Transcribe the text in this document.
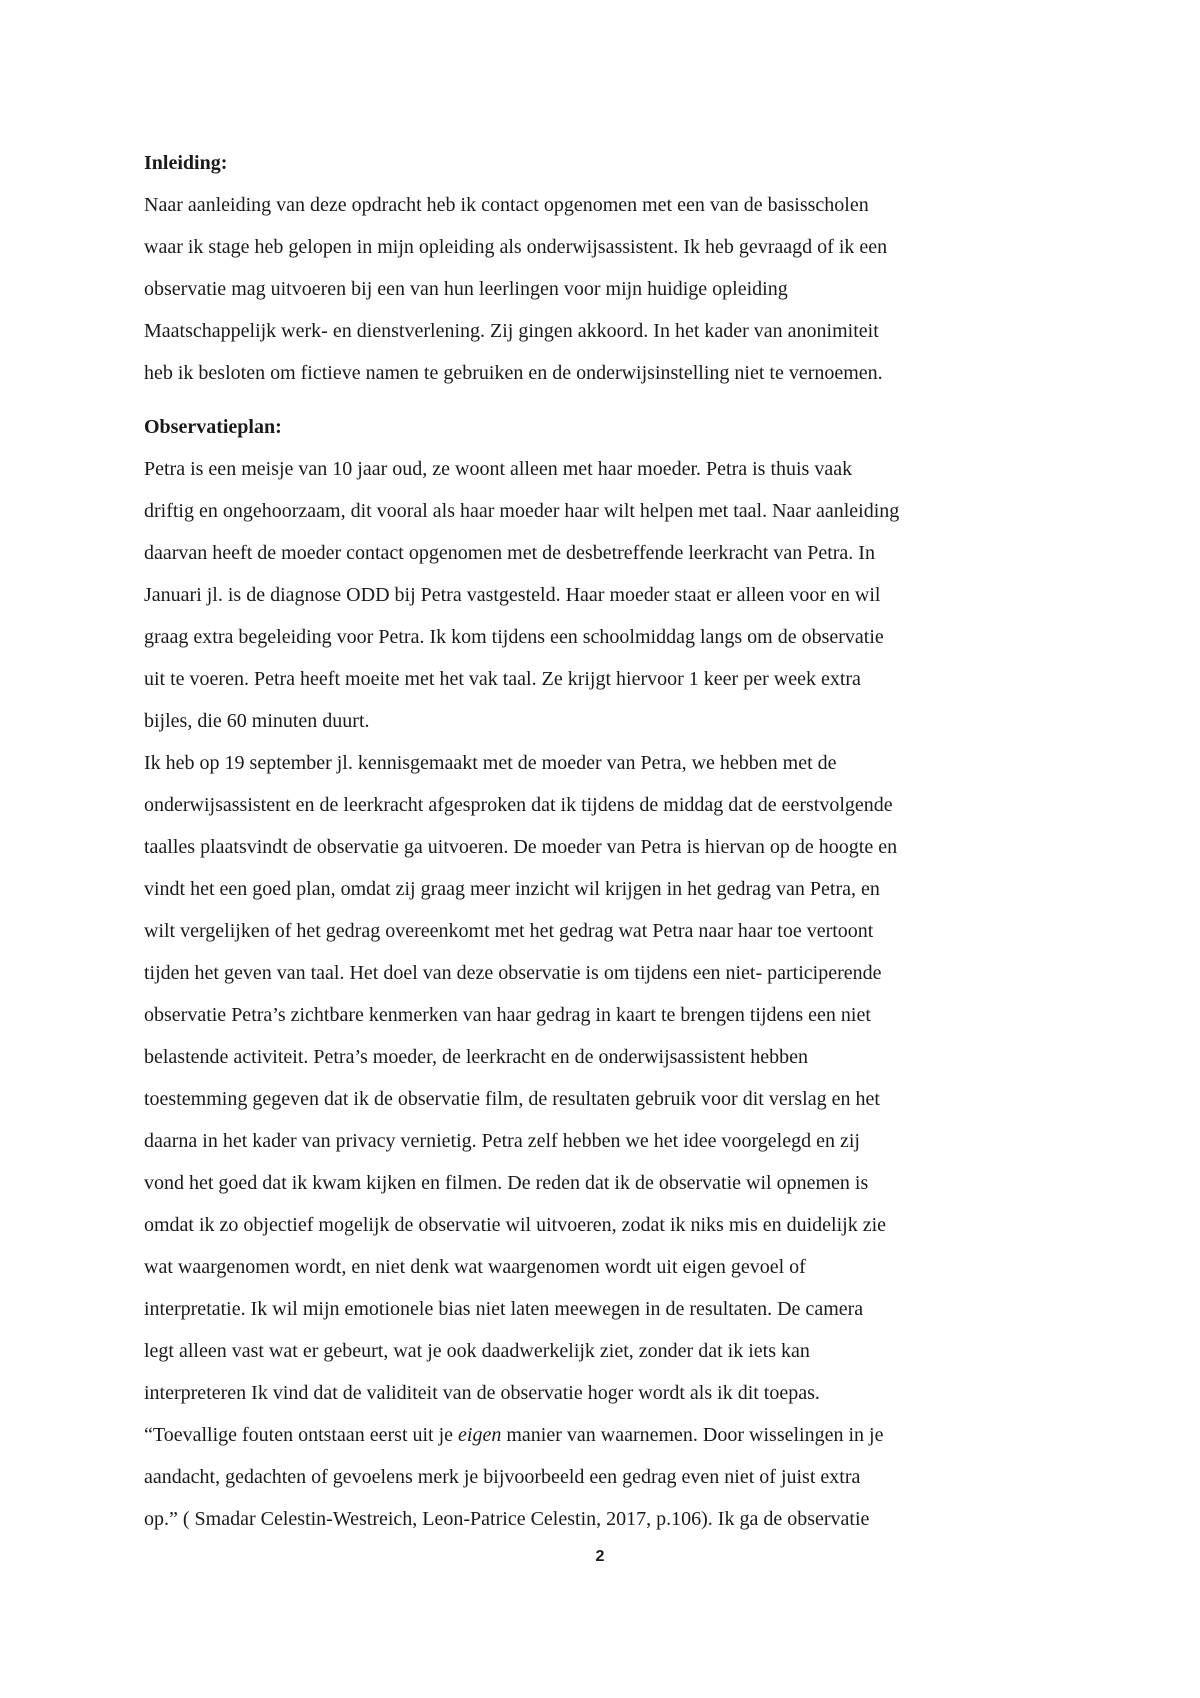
Inleiding:

Naar aanleiding van deze opdracht heb ik contact opgenomen met een van de basisscholen

waar ik stage heb gelopen in mijn opleiding als onderwijsassistent. Ik heb gevraagd of ik een

observatie mag uitvoeren bij een van hun leerlingen voor mijn huidige opleiding

Maatschappelijk werk- en dienstverlening. Zij gingen akkoord. In het kader van anonimiteit

heb ik besloten om fictieve namen te gebruiken en de onderwijsinstelling niet te vernoemen.

Observatieplan:

Petra is een meisje van 10 jaar oud, ze woont alleen met haar moeder. Petra is thuis vaak

driftig en ongehoorzaam, dit vooral als haar moeder haar wilt helpen met taal. Naar aanleiding

daarvan heeft de moeder contact opgenomen met de desbetreffende leerkracht van Petra. In

Januari jl. is de diagnose ODD bij Petra vastgesteld. Haar moeder staat er alleen voor en wil

graag extra begeleiding voor Petra. Ik kom tijdens een schoolmiddag langs om de observatie

uit te voeren. Petra heeft moeite met het vak taal. Ze krijgt hiervoor 1 keer per week extra

bijles, die 60 minuten duurt.

Ik heb op 19 september jl. kennisgemaakt met de moeder van Petra, we hebben met de

onderwijsassistent en de leerkracht afgesproken dat ik tijdens de middag dat de eerstvolgende

taalles plaatsvindt de observatie ga uitvoeren. De moeder van Petra is hiervan op de hoogte en

vindt het een goed plan, omdat zij graag meer inzicht wil krijgen in het gedrag van Petra, en

wilt vergelijken of het gedrag overeenkomt met het gedrag wat Petra naar haar toe vertoont

tijden het geven van taal. Het doel van deze observatie is om tijdens een niet- participerende

observatie Petra’s zichtbare kenmerken van haar gedrag in kaart te brengen tijdens een niet

belastende activiteit. Petra’s moeder, de leerkracht en de onderwijsassistent hebben

toestemming gegeven dat ik de observatie film, de resultaten gebruik voor dit verslag en het

daarna in het kader van privacy vernietig. Petra zelf hebben we het idee voorgelegd en zij

vond het goed dat ik kwam kijken en filmen. De reden dat ik de observatie wil opnemen is

omdat ik zo objectief mogelijk de observatie wil uitvoeren, zodat ik niks mis en duidelijk zie

wat waargenomen wordt, en niet denk wat waargenomen wordt uit eigen gevoel of

interpretatie. Ik wil mijn emotionele bias niet laten meewegen in de resultaten. De camera

legt alleen vast wat er gebeurt, wat je ook daadwerkelijk ziet, zonder dat ik iets kan

interpreteren Ik vind dat de validiteit van de observatie hoger wordt als ik dit toepas.

“Toevallige fouten ontstaan eerst uit je eigen manier van waarnemen. Door wisselingen in je

aandacht, gedachten of gevoelens merk je bijvoorbeeld een gedrag even niet of juist extra

op.” ( Smadar Celestin-Westreich, Leon-Patrice Celestin, 2017, p.106). Ik ga de observatie

2
